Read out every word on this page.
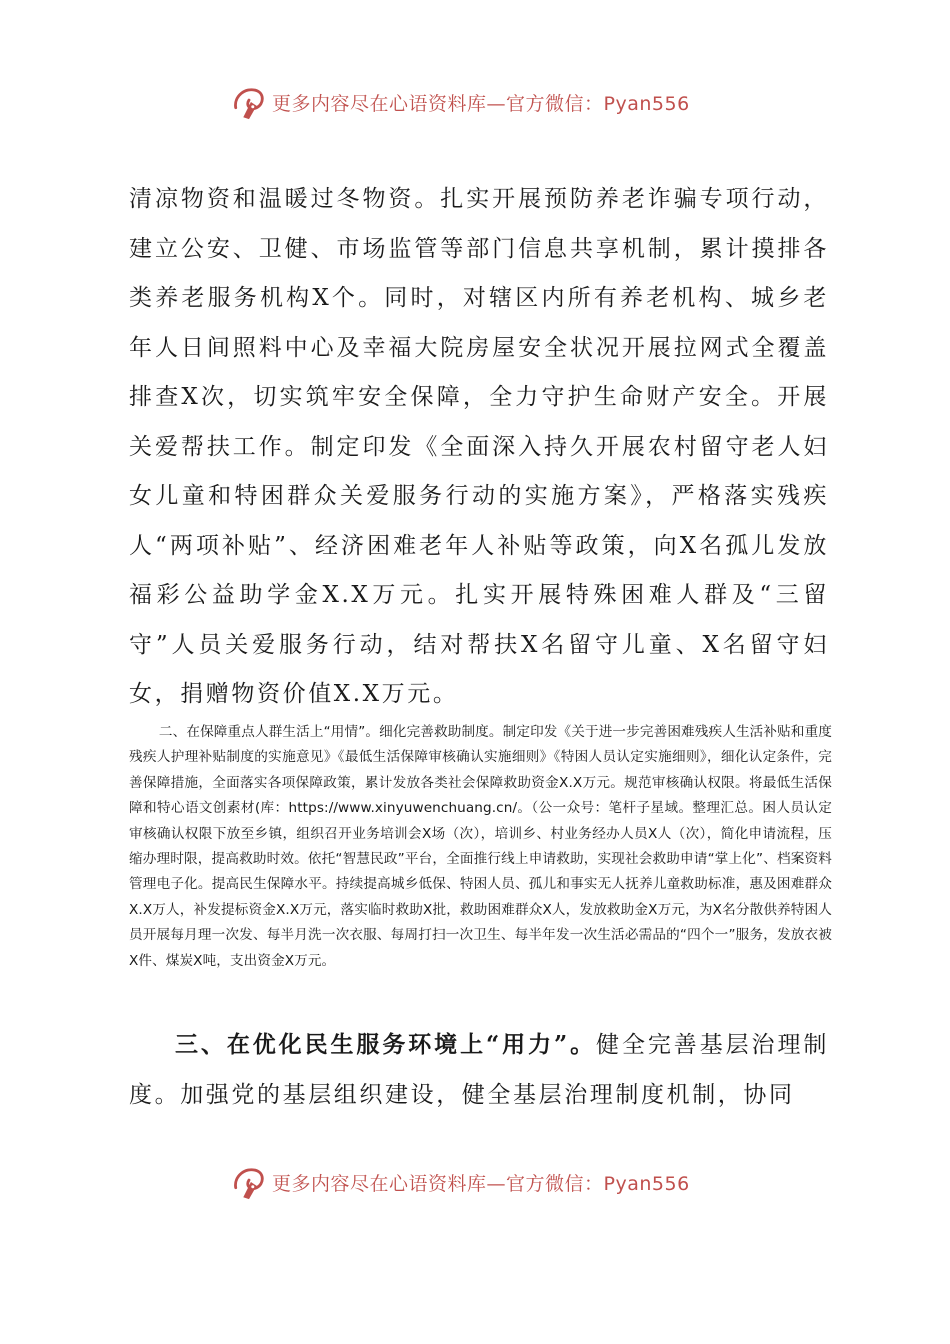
更多内容尽在心语资料库—官方微信：Pyan556

清凉物资和温暖过冬物资。扎实开展预防养老诈骗专项行动，建立公安、卫健、市场监管等部门信息共享机制，累计摸排各类养老服务机构X个。同时，对辖区内所有养老机构、城乡老年人日间照料中心及幸福大院房屋安全状况开展拉网式全覆盖排查X次，切实筑牢安全保障，全力守护生命财产安全。开展关爱帮扶工作。制定印发《全面深入持久开展农村留守老人妇女儿童和特困群众关爱服务行动的实施方案》，严格落实残疾人“两项补贴”、经济困难老年人补贴等政策，向X名孤儿发放福彩公益助学金X.X万元。扎实开展特殊困难人群及“三留守”人员关爱服务行动，结对帮扶X名留守儿童、X名留守妇女，捐赠物资价值X.X万元。

二、在保障重点人群生活上“用情”。细化完善救助制度。制定印发《关于进一步完善困难残疾人生活补贴和重度残疾人护理补贴制度的实施意见》《最低生活保障审核确认实施细则》《特困人员认定实施细则》，细化认定条件，完善保障措施，全面落实各项保障政策，累计发放各类社会保障救助资金X.X万元。规范审核确认权限。将最低生活保障和特心语文创素材(库：https://www.xinyuwenchuang.cn/。（公一众号：笔杆子星域。整理汇总。困人员认定审核确认权限下放至乡镇，组织召开业务培训会X场（次），培训乡、村业务经办人员X人（次），简化申请流程，压缩办理时限，提高救助时效。依托“智慧民政”平台，全面推行线上申请救助，实现社会救助申请“掌上化”、档案资料管理电子化。提高民生保障水平。持续提高城乡低保、特困人员、孤儿和事实无人抚养儿童救助标准，惠及困难群众X.X万人，补发提标资金X.X万元，落实临时救助X批，救助困难群众X人，发放救助金X万元，为X名分散供养特困人员开展每月理一次发、每半月洗一次衣服、每周打扫一次卫生、每半年发一次生活必需品的“四个一”服务，发放衣被X件、煤炭X吨，支出资金X万元。

三、在优化民生服务环境上“用力”。健全完善基层治理制度。加强党的基层组织建设，健全基层治理制度机制，协同

更多内容尽在心语资料库—官方微信：Pyan556
